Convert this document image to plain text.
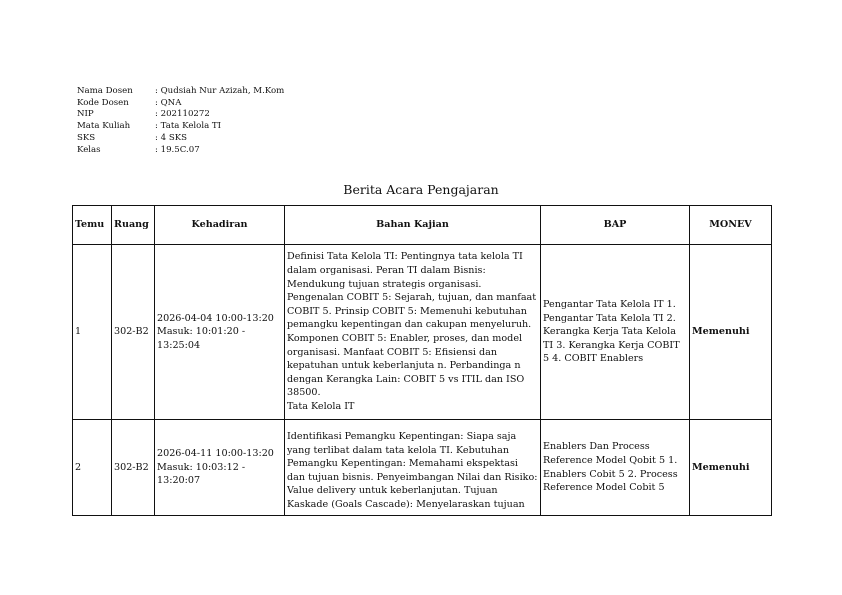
Nama Dosen	: Qudsiah Nur Azizah, M.Kom
Kode Dosen	: QNA
NIP	: 202110272
Mata Kuliah	: Tata Kelola TI
SKS	: 4 SKS
Kelas	: 19.5C.07
Berita Acara Pengajaran
Temu	Ruang	Kehadiran	Bahan Kajian	BAP	MONEV
1	302-B2	2026-04-04 10:00-13:20 Masuk: 10:01:20 - 13:25:04	Definisi Tata Kelola TI: Pentingnya tata kelola TI dalam organisasi. Peran TI dalam Bisnis: Mendukung tujuan strategis organisasi. Pengenalan COBIT 5: Sejarah, tujuan, dan manfaat COBIT 5. Prinsip COBIT 5: Memenuhi kebutuhan pemangku kepentingan dan cakupan menyeluruh. Komponen COBIT 5: Enabler, proses, dan model organisasi. Manfaat COBIT 5: Efisiensi dan kepatuhan untuk keberlanjuta n. Perbandinga n dengan Kerangka Lain: COBIT 5 vs ITIL dan ISO 38500.
Tata Kelola IT	Pengantar Tata Kelola IT 1. Pengantar Tata Kelola TI 2. Kerangka Kerja Tata Kelola TI 3. Kerangka Kerja COBIT 5 4. COBIT Enablers	Memenuhi
2	302-B2	2026-04-11 10:00-13:20 Masuk: 10:03:12 - 13:20:07	Identifikasi Pemangku Kepentingan: Siapa saja yang terlibat dalam tata kelola TI. Kebutuhan Pemangku Kepentingan: Memahami ekspektasi dan tujuan bisnis. Penyeimbangan Nilai dan Risiko: Value delivery untuk keberlanjutan. Tujuan Kaskade (Goals Cascade): Menyelaraskan tujuan	Enablers Dan Process Reference Model Qobit 5 1. Enablers Cobit 5 2. Process Reference Model Cobit 5	Memenuhi
